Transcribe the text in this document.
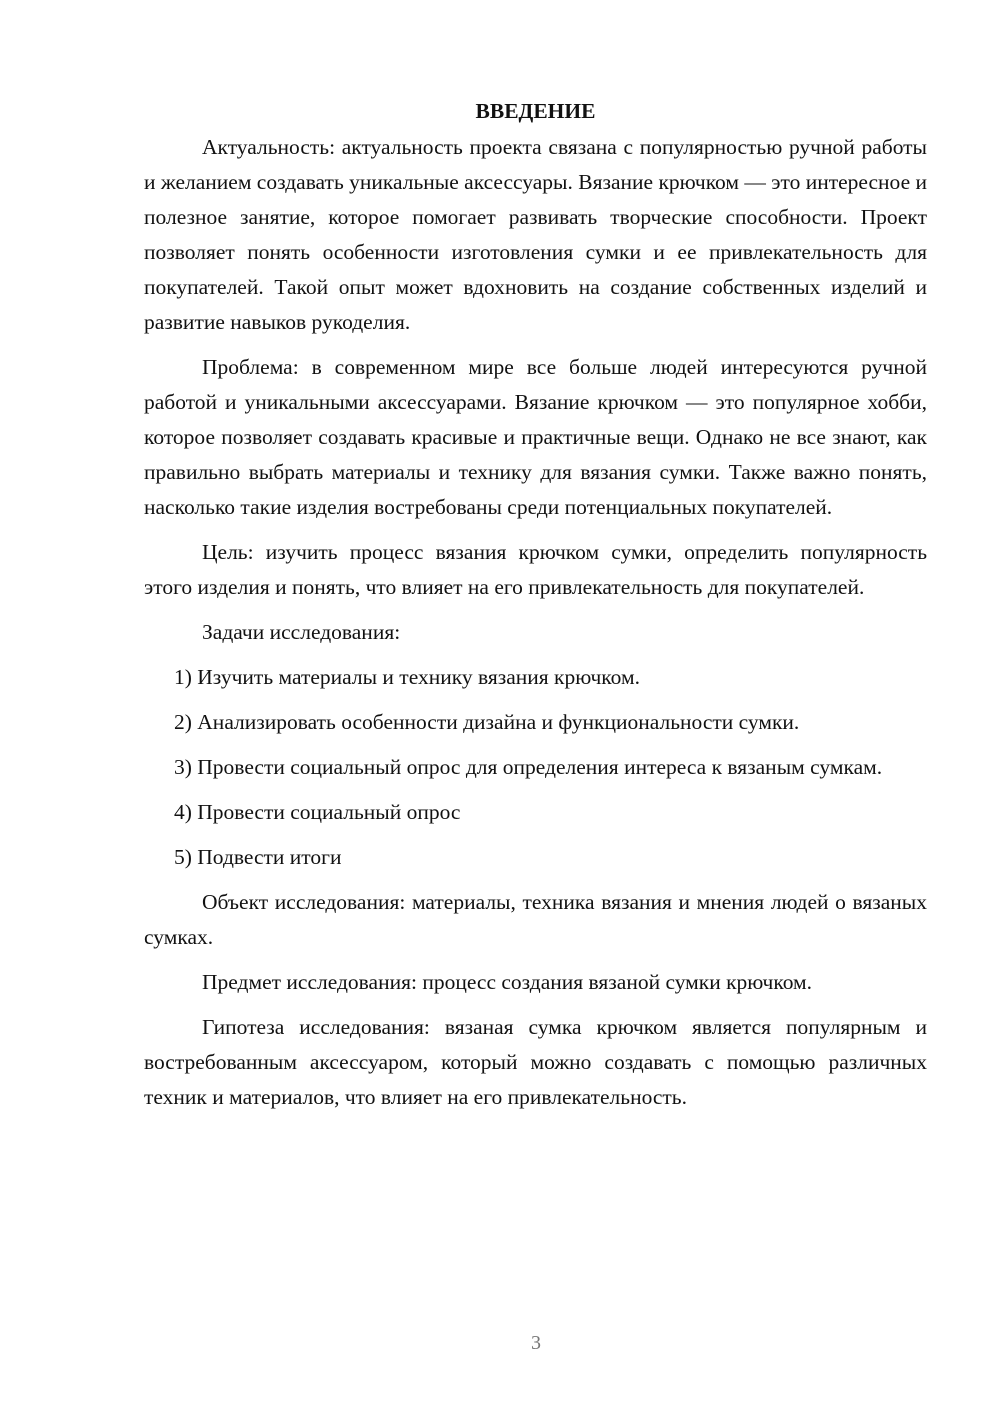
ВВЕДЕНИЕ

Актуальность: актуальность проекта связана с популярностью ручной работы и желанием создавать уникальные аксессуары. Вязание крючком — это интересное и полезное занятие, которое помогает развивать творческие способности. Проект позволяет понять особенности изготовления сумки и ее привлекательность для покупателей. Такой опыт может вдохновить на создание собственных изделий и развитие навыков рукоделия.

Проблема: в современном мире все больше людей интересуются ручной работой и уникальными аксессуарами. Вязание крючком — это популярное хобби, которое позволяет создавать красивые и практичные вещи. Однако не все знают, как правильно выбрать материалы и технику для вязания сумки. Также важно понять, насколько такие изделия востребованы среди потенциальных покупателей.

Цель: изучить процесс вязания крючком сумки, определить популярность этого изделия и понять, что влияет на его привлекательность для покупателей.

Задачи исследования:

1) Изучить материалы и технику вязания крючком.

2) Анализировать особенности дизайна и функциональности сумки.

3) Провести социальный опрос для определения интереса к вязаным сумкам.

4) Провести социальный опрос

5) Подвести итоги

Объект исследования: материалы, техника вязания и мнения людей о вязаных сумках.

Предмет исследования: процесс создания вязаной сумки крючком.

Гипотеза исследования: вязаная сумка крючком является популярным и востребованным аксессуаром, который можно создавать с помощью различных техник и материалов, что влияет на его привлекательность.

3
